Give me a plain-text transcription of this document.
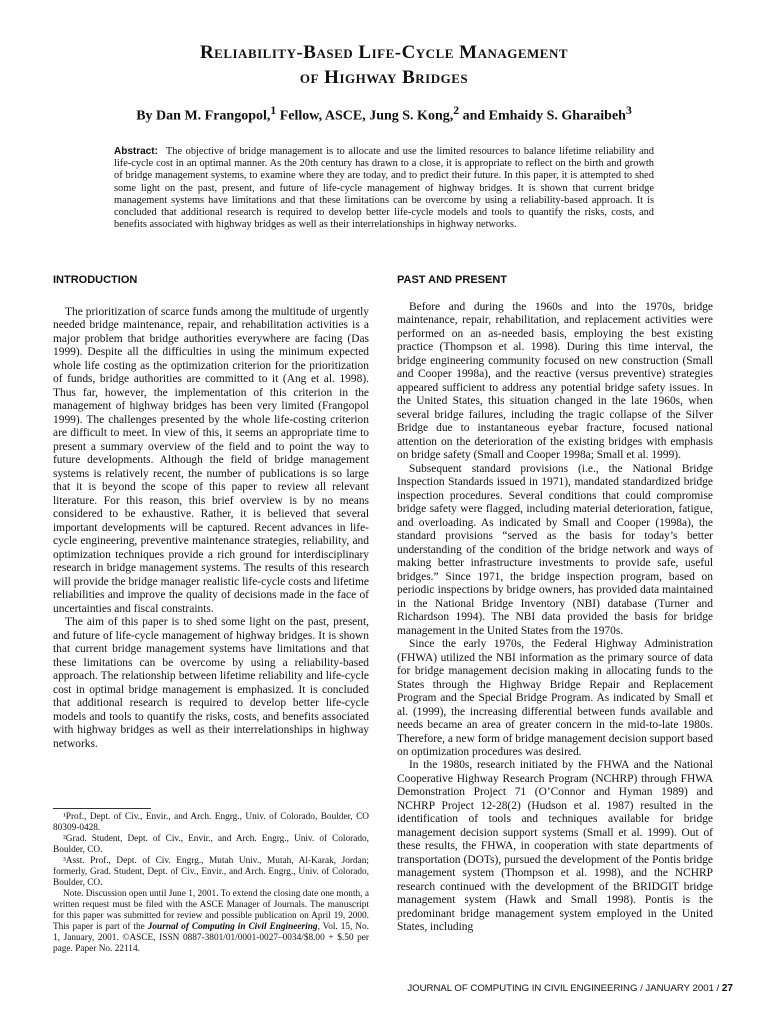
Reliability-Based Life-Cycle Management
of Highway Bridges
By Dan M. Frangopol,$^1$ Fellow, ASCE, Jung S. Kong,$^2$ and Emhaidy S. Gharaibeh$^3$
Abstract: The objective of bridge management is to allocate and use the limited resources to balance lifetime reliability and life-cycle cost in an optimal manner. As the 20th century has drawn to a close, it is appropriate to reflect on the birth and growth of bridge management systems, to examine where they are today, and to predict their future. In this paper, it is attempted to shed some light on the past, present, and future of life-cycle management of highway bridges. It is shown that current bridge management systems have limitations and that these limitations can be overcome by using a reliability-based approach. It is concluded that additional research is required to develop better life-cycle models and tools to quantify the risks, costs, and benefits associated with highway bridges as well as their interrelationships in highway networks.
INTRODUCTION

The prioritization of scarce funds among the multitude of urgently needed bridge maintenance, repair, and rehabilitation activities is a major problem that bridge authorities everywhere are facing (Das 1999). Despite all the difficulties in using the minimum expected whole life costing as the optimization criterion for the prioritization of funds, bridge authorities are committed to it (Ang et al. 1998). Thus far, however, the implementation of this criterion in the management of highway bridges has been very limited (Frangopol 1999). The challenges presented by the whole life-costing criterion are difficult to meet. In view of this, it seems an appropriate time to present a summary overview of the field and to point the way to future developments. Although the field of bridge management systems is relatively recent, the number of publications is so large that it is beyond the scope of this paper to review all relevant literature. For this reason, this brief overview is by no means considered to be exhaustive. Rather, it is believed that several important developments will be captured. Recent advances in life-cycle engineering, preventive maintenance strategies, reliability, and optimization techniques provide a rich ground for interdisciplinary research in bridge management systems. The results of this research will provide the bridge manager realistic life-cycle costs and lifetime reliabilities and improve the quality of decisions made in the face of uncertainties and fiscal constraints.

The aim of this paper is to shed some light on the past, present, and future of life-cycle management of highway bridges. It is shown that current bridge management systems have limitations and that these limitations can be overcome by using a reliability-based approach. The relationship between lifetime reliability and life-cycle cost in optimal bridge management is emphasized. It is concluded that additional research is required to develop better life-cycle models and tools to quantify the risks, costs, and benefits associated with highway bridges as well as their interrelationships in highway networks.

¹Prof., Dept. of Civ., Envir., and Arch. Engrg., Univ. of Colorado, Boulder, CO 80309-0428.

²Grad. Student, Dept. of Civ., Envir., and Arch. Engrg., Univ. of Colorado, Boulder, CO.

³Asst. Prof., Dept. of Civ. Engrg., Mutah Univ., Mutah, Al-Karak, Jordan; formerly, Grad. Student, Dept. of Civ., Envir., and Arch. Engrg., Univ. of Colorado, Boulder, CO.

Note. Discussion open until June 1, 2001. To extend the closing date one month, a written request must be filed with the ASCE Manager of Journals. The manuscript for this paper was submitted for review and possible publication on April 19, 2000. This paper is part of the Journal of Computing in Civil Engineering, Vol. 15, No. 1, January, 2001. ©ASCE, ISSN 0887-3801/01/0001-0027–0034/$8.00 + $.50 per page. Paper No. 22114.

PAST AND PRESENT

Before and during the 1960s and into the 1970s, bridge maintenance, repair, rehabilitation, and replacement activities were performed on an as-needed basis, employing the best existing practice (Thompson et al. 1998). During this time interval, the bridge engineering community focused on new construction (Small and Cooper 1998a), and the reactive (versus preventive) strategies appeared sufficient to address any potential bridge safety issues. In the United States, this situation changed in the late 1960s, when several bridge failures, including the tragic collapse of the Silver Bridge due to instantaneous eyebar fracture, focused national attention on the deterioration of the existing bridges with emphasis on bridge safety (Small and Cooper 1998a; Small et al. 1999).

Subsequent standard provisions (i.e., the National Bridge Inspection Standards issued in 1971), mandated standardized bridge inspection procedures. Several conditions that could compromise bridge safety were flagged, including material deterioration, fatigue, and overloading. As indicated by Small and Cooper (1998a), the standard provisions “served as the basis for today’s better understanding of the condition of the bridge network and ways of making better infrastructure investments to provide safe, useful bridges.” Since 1971, the bridge inspection program, based on periodic inspections by bridge owners, has provided data maintained in the National Bridge Inventory (NBI) database (Turner and Richardson 1994). The NBI data provided the basis for bridge management in the United States from the 1970s.

Since the early 1970s, the Federal Highway Administration (FHWA) utilized the NBI information as the primary source of data for bridge management decision making in allocating funds to the States through the Highway Bridge Repair and Replacement Program and the Special Bridge Program. As indicated by Small et al. (1999), the increasing differential between funds available and needs became an area of greater concern in the mid-to-late 1980s. Therefore, a new form of bridge management decision support based on optimization procedures was desired.

In the 1980s, research initiated by the FHWA and the National Cooperative Highway Research Program (NCHRP) through FHWA Demonstration Project 71 (O’Connor and Hyman 1989) and NCHRP Project 12-28(2) (Hudson et al. 1987) resulted in the identification of tools and techniques available for bridge management decision support systems (Small et al. 1999). Out of these results, the FHWA, in cooperation with state departments of transportation (DOTs), pursued the development of the Pontis bridge management system (Thompson et al. 1998), and the NCHRP research continued with the development of the BRIDGIT bridge management system (Hawk and Small 1998). Pontis is the predominant bridge management system employed in the United States, including

JOURNAL OF COMPUTING IN CIVIL ENGINEERING / JANUARY 2001 / 27
